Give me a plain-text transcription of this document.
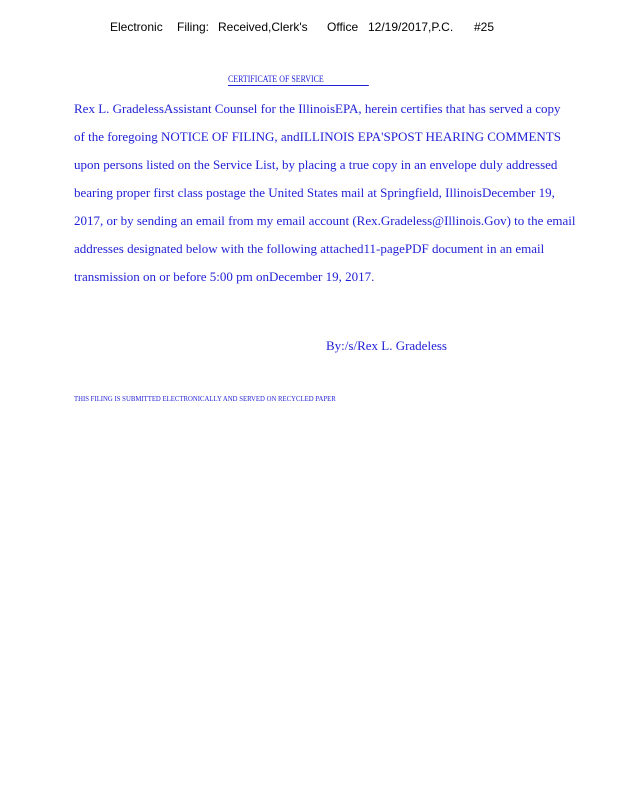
Electronic Filing: Received,Clerk's Office 12/19/2017,P.C. #25
CERTIFICATE OF SERVICE
Rex L. GradelessAssistant Counsel for the IllinoisEPA, herein certifies that has served a copy
of the foregoing NOTICE OF FILING, andILLINOIS EPA'SPOST HEARING COMMENTS
upon persons listed on the Service List, by placing a true copy in an envelope duly addressed
bearing proper first class postage the United States mail at Springfield, IllinoisDecember 19,
2017, or by sending an email from my email account (Rex.Gradeless@Illinois.Gov) to the email
addresses designated below with the following attached11-pagePDF document in an email
transmission on or before 5:00 pm onDecember 19, 2017.
By:/s/Rex L. Gradeless
THIS FILING IS SUBMITTED ELECTRONICALLY AND SERVED ON RECYCLED PAPER
